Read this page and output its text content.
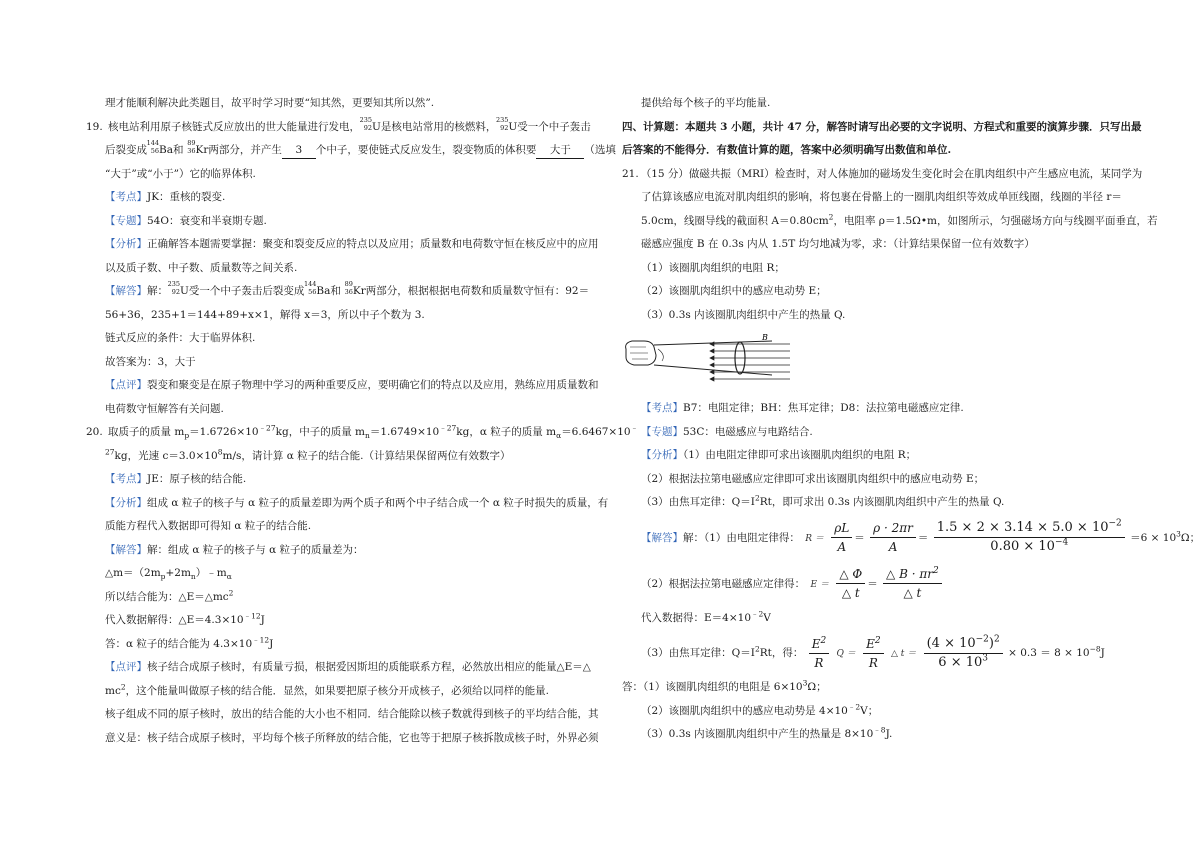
理才能顺利解决此类题目，故平时学习时要“知其然，更要知其所以然”.
19. 核电站利用原子核链式反应放出的世大能量进行发电，
235
92 U是核电站常用的核燃料，
235
92 U受一个中子轰击
后裂变成
144
56 Ba和
89
36 Kr两部分，并产生 3 个中子，要使链式反应发生，裂变物质的体积要 大于 （选填
“大于”或“小于”）它的临界体积.
【考点】JK：重核的裂变.
【专题】54O：衰变和半衰期专题.
【分析】正确解答本题需要掌握：聚变和裂变反应的特点以及应用；质量数和电荷数守恒在核反应中的应用
以及质子数、中子数、质量数等之间关系.
【解答】解：
235
92 U受一个中子轰击后裂变成
144
56 Ba和
89
36 Kr两部分，根据根据电荷数和质量数守恒有：92＝
56+36，235+1＝144+89+x×1，解得 x＝3，所以中子个数为 3.
链式反应的条件：大于临界体积.
故答案为：3，大于
【点评】裂变和聚变是在原子物理中学习的两种重要反应，要明确它们的特点以及应用，熟练应用质量数和
电荷数守恒解答有关问题.
20. 取质子的质量 $m_p=1.6726\times 10^{﹣27}kg$，中子的质量 $m_n=1.6749\times 10^{﹣27}kg$，α 粒子的质量 $m_\alpha=6.6467\times 10^﹣$
$^{27}$kg，光速 $c=3.0\times 10^8m/s$，请计算 α 粒子的结合能.（计算结果保留两位有效数字）
【考点】JE：原子核的结合能.
【分析】组成 α 粒子的核子与 α 粒子的质量差即为两个质子和两个中子结合成一个 α 粒子时损失的质量，有
质能方程代入数据即可得知 α 粒子的结合能.
【解答】解：组成 α 粒子的核子与 α 粒子的质量差为：
$\triangle m=(2m_p+2m_n)﹣m_\alpha$
所以结合能为：$\triangle E=\triangle mc^2$
代入数据解得：$\triangle E=4.3\times 10^{﹣12}J$
答：α 粒子的结合能为 $4.3\times 10^{﹣12}J$
【点评】核子结合成原子核时，有质量亏损，根据爱因斯坦的质能联系方程，必然放出相应的能量△E＝△
$mc^2$，这个能量叫做原子核的结合能．显然，如果要把原子核分开成核子，必须给以同样的能量.
核子组成不同的原子核时，放出的结合能的大小也不相同．结合能除以核子数就得到核子的平均结合能，其
意义是：核子结合成原子核时，平均每个核子所释放的结合能，它也等于把原子核拆散成核子时，外界必须
提供给每个核子的平均能量.
四、计算题：本题共 3 小题，共计 47 分，解答时请写出必要的文字说明、方程式和重要的演算步骤．只写出最
后答案的不能得分．有数值计算的题，答案中必须明确写出数值和单位.
21. （15 分）做磁共振（MRI）检查时，对人体施加的磁场发生变化时会在肌肉组织中产生感应电流，某同学为
了估算该感应电流对肌肉组织的影响，将包裹在骨骼上的一圈肌肉组织等效成单匝线圈，线圈的半径 r＝
5.0cm，线圈导线的截面积 $A=0.80cm^2$，电阻率 ρ＝1.5Ω•m，如图所示，匀强磁场方向与线圈平面垂直，若
磁感应强度 B 在 0.3s 内从 1.5T 均匀地减为零，求：（计算结果保留一位有效数字）
（1）该圈肌肉组织的电阻 R；
（2）该圈肌肉组织中的感应电动势 E；
（3）0.3s 内该圈肌肉组织中产生的热量 Q.
B
【考点】B7：电阻定律；BH：焦耳定律；D8：法拉第电磁感应定律.
【专题】53C：电磁感应与电路结合.
【分析】（1）由电阻定律即可求出该圈肌肉组织的电阻 R；
（2）根据法拉第电磁感应定律即可求出该圈肌肉组织中的感应电动势 E；
（3）由焦耳定律：$Q=I^2Rt$，即可求出 0.3s 内该圈肌肉组织中产生的热量 Q.
【解答】解：（1）由电阻定律得： $R = \frac{\rho L}{A} = \frac{\rho \cdot 2\pi r}{A} = \frac{1.5 \times 2 \times 3.14 \times 5.0 \times 10^{-2}}{0.80 \times 10^{-4}} =6 \times 10^3\Omega$；
（2）根据法拉第电磁感应定律得： $E = \frac{\triangle \Phi}{\triangle t} = \frac{\triangle B \cdot \pi r^2}{\triangle t}$
代入数据得：$E=4\times 10^{﹣2}V$
（3）由焦耳定律：$Q=I^2Rt$，得： $\frac{E^2}{R}$ $Q = \frac{E^2}{R}$ △ $t = \frac{(4 \times 10^{-2})^2}{6 \times 10^3} \times 0.3 = 8 \times 10^{-8}J$
答：（1）该圈肌肉组织的电阻是 $6\times 10^3\Omega$；
（2）该圈肌肉组织中的感应电动势是 $4\times 10^{﹣2}V$；
（3）0.3s 内该圈肌肉组织中产生的热量是 $8\times 10^{﹣8}J$.
